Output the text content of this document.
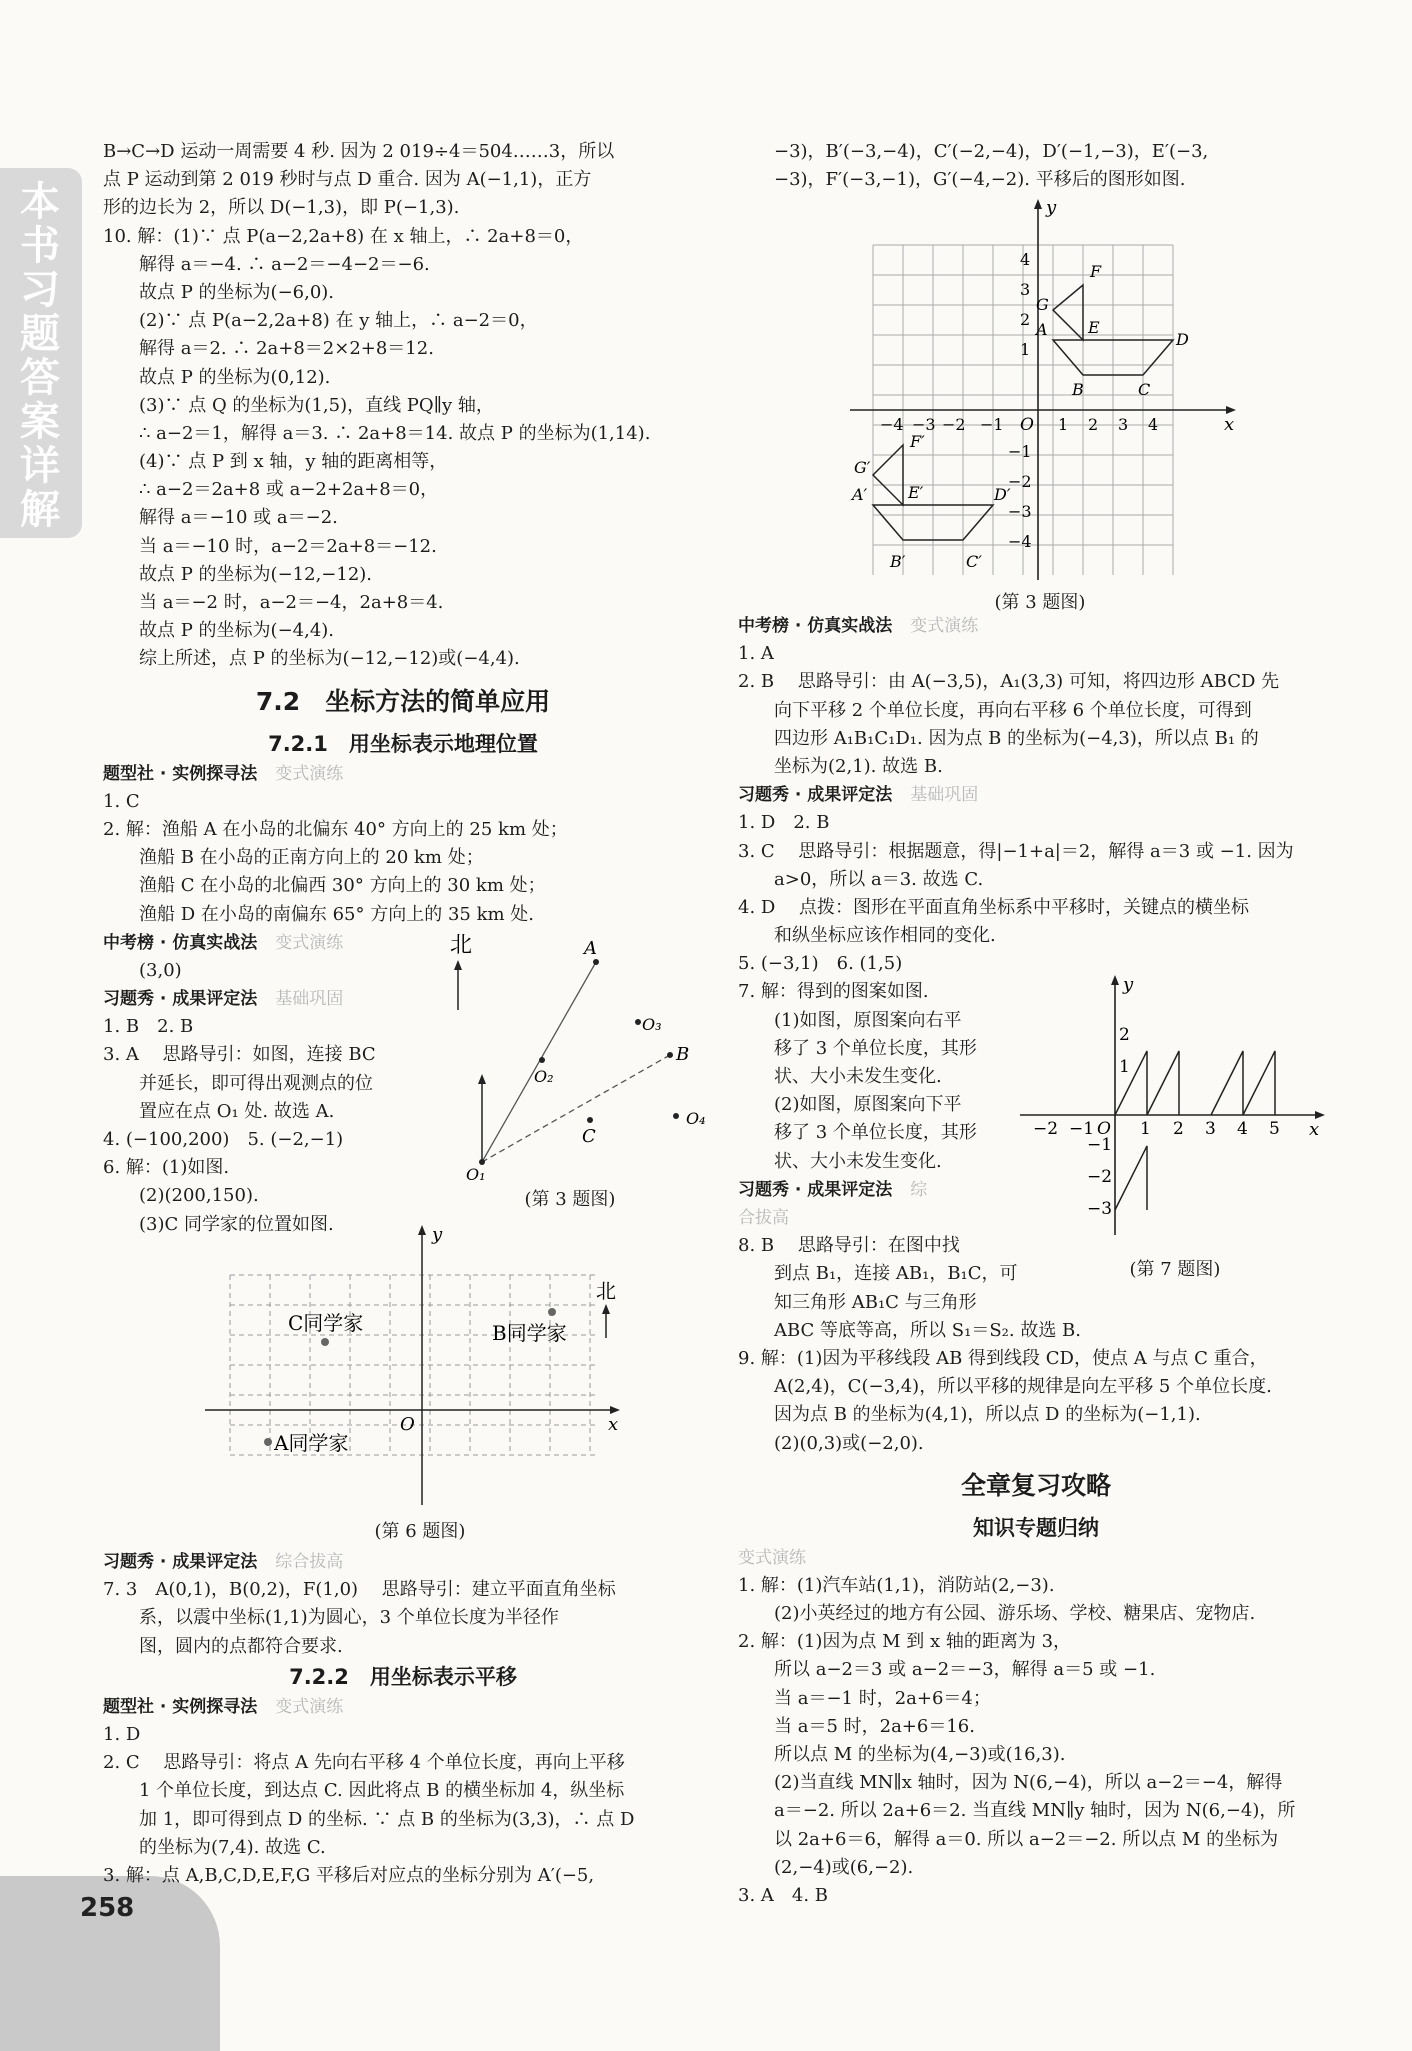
本书习题答案详解
258
B→C→D 运动一周需要 4 秒. 因为 2 019÷4＝504……3，所以
点 P 运动到第 2 019 秒时与点 D 重合. 因为 A(−1,1)，正方
形的边长为 2，所以 D(−1,3)，即 P(−1,3).
10. 解：(1)∵ 点 P(a−2,2a+8) 在 x 轴上，∴ 2a+8＝0，
解得 a＝−4. ∴ a−2＝−4−2＝−6.
故点 P 的坐标为(−6,0).
(2)∵ 点 P(a−2,2a+8) 在 y 轴上，∴ a−2＝0，
解得 a＝2. ∴ 2a+8＝2×2+8＝12.
故点 P 的坐标为(0,12).
(3)∵ 点 Q 的坐标为(1,5)，直线 PQ∥y 轴，
∴ a−2＝1，解得 a＝3. ∴ 2a+8＝14. 故点 P 的坐标为(1,14).
(4)∵ 点 P 到 x 轴，y 轴的距离相等，
∴ a−2＝2a+8 或 a−2+2a+8＝0，
解得 a＝−10 或 a＝−2.
当 a＝−10 时，a−2＝2a+8＝−12.
故点 P 的坐标为(−12,−12).
当 a＝−2 时，a−2＝−4，2a+8＝4.
故点 P 的坐标为(−4,4).
综上所述，点 P 的坐标为(−12,−12)或(−4,4).
7.2　坐标方法的简单应用
7.2.1　用坐标表示地理位置
题型社 · 实例探寻法 变式演练
1. C
2. 解：渔船 A 在小岛的北偏东 40° 方向上的 25 km 处；
渔船 B 在小岛的正南方向上的 20 km 处；
渔船 C 在小岛的北偏西 30° 方向上的 30 km 处；
渔船 D 在小岛的南偏东 65° 方向上的 35 km 处.
中考榜 · 仿真实战法 变式演练
(3,0)
习题秀 · 成果评定法 基础巩固
1. B　2. B
3. A　 思路导引：如图，连接 BC
并延长，即可得出观测点的位
置应在点 O₁ 处. 故选 A.
4. (−100,200)　5. (−2,−1)
6. 解：(1)如图.
(2)(200,150).
(3)C 同学家的位置如图.
习题秀 · 成果评定法 综合拔高
7. 3　A(0,1)，B(0,2)，F(1,0)　 思路导引：建立平面直角坐标
系，以震中坐标(1,1)为圆心，3 个单位长度为半径作
图，圆内的点都符合要求.
7.2.2　用坐标表示平移
题型社 · 实例探寻法 变式演练
1. D
2. C　 思路导引：将点 A 先向右平移 4 个单位长度，再向上平移
1 个单位长度，到达点 C. 因此将点 B 的横坐标加 4，纵坐标
加 1，即可得到点 D 的坐标. ∵ 点 B 的坐标为(3,3)，∴ 点 D
的坐标为(7,4). 故选 C.
3. 解：点 A,B,C,D,E,F,G 平移后对应点的坐标分别为 A′(−5,
−3)，B′(−3,−4)，C′(−2,−4)，D′(−1,−3)，E′(−3,
−3)，F′(−3,−1)，G′(−4,−2). 平移后的图形如图.
中考榜 · 仿真实战法 变式演练
1. A
2. B　 思路导引：由 A(−3,5)，A₁(3,3) 可知，将四边形 ABCD 先
向下平移 2 个单位长度，再向右平移 6 个单位长度，可得到
四边形 A₁B₁C₁D₁. 因为点 B 的坐标为(−4,3)，所以点 B₁ 的
坐标为(2,1). 故选 B.
习题秀 · 成果评定法 基础巩固
1. D　2. B
3. C　 思路导引：根据题意，得|−1+a|＝2，解得 a＝3 或 −1. 因为
a>0，所以 a＝3. 故选 C.
4. D　 点拨：图形在平面直角坐标系中平移时，关键点的横坐标
和纵坐标应该作相同的变化.
5. (−3,1)　6. (1,5)
7. 解：得到的图案如图.
(1)如图，原图案向右平
移了 3 个单位长度，其形
状、大小未发生变化.
(2)如图，原图案向下平
移了 3 个单位长度，其形
状、大小未发生变化.
习题秀 · 成果评定法 综
合拔高
8. B　 思路导引：在图中找
到点 B₁，连接 AB₁，B₁C，可
知三角形 AB₁C 与三角形
ABC 等底等高，所以 S₁＝S₂. 故选 B.
9. 解：(1)因为平移线段 AB 得到线段 CD，使点 A 与点 C 重合，
A(2,4)，C(−3,4)，所以平移的规律是向左平移 5 个单位长度.
因为点 B 的坐标为(4,1)，所以点 D 的坐标为(−1,1).
(2)(0,3)或(−2,0).
全章复习攻略
知识专题归纳
变式演练
1. 解：(1)汽车站(1,1)，消防站(2,−3).
(2)小英经过的地方有公园、游乐场、学校、糖果店、宠物店.
2. 解：(1)因为点 M 到 x 轴的距离为 3，
所以 a−2＝3 或 a−2＝−3，解得 a＝5 或 −1.
当 a＝−1 时，2a+6＝4；
当 a＝5 时，2a+6＝16.
所以点 M 的坐标为(4,−3)或(16,3).
(2)当直线 MN∥x 轴时，因为 N(6,−4)，所以 a−2＝−4，解得
a＝−2. 所以 2a+6＝2. 当直线 MN∥y 轴时，因为 N(6,−4)，所
以 2a+6＝6，解得 a＝0. 所以 a−2＝−2. 所以点 M 的坐标为
(2,−4)或(6,−2).
3. A　4. B
北	A
B
C
O₁
O₂
O₃
O₄
(第 3 题图)
y
x
O
C同学家	B同学家
A同学家
北
(第 6 题图)
y
x
O
−4 −3 −2 −1	1 2 3 4
4
3
2
1
−1
−2
−3
−4
A
D
B	C
E
F
G
A′	D′
B′	C′
E′
F′
G′
(第 3 题图)
y
x
O
−2 −1	1 2 3 4 5
2
1
−1
−2
−3
(第 7 题图)
